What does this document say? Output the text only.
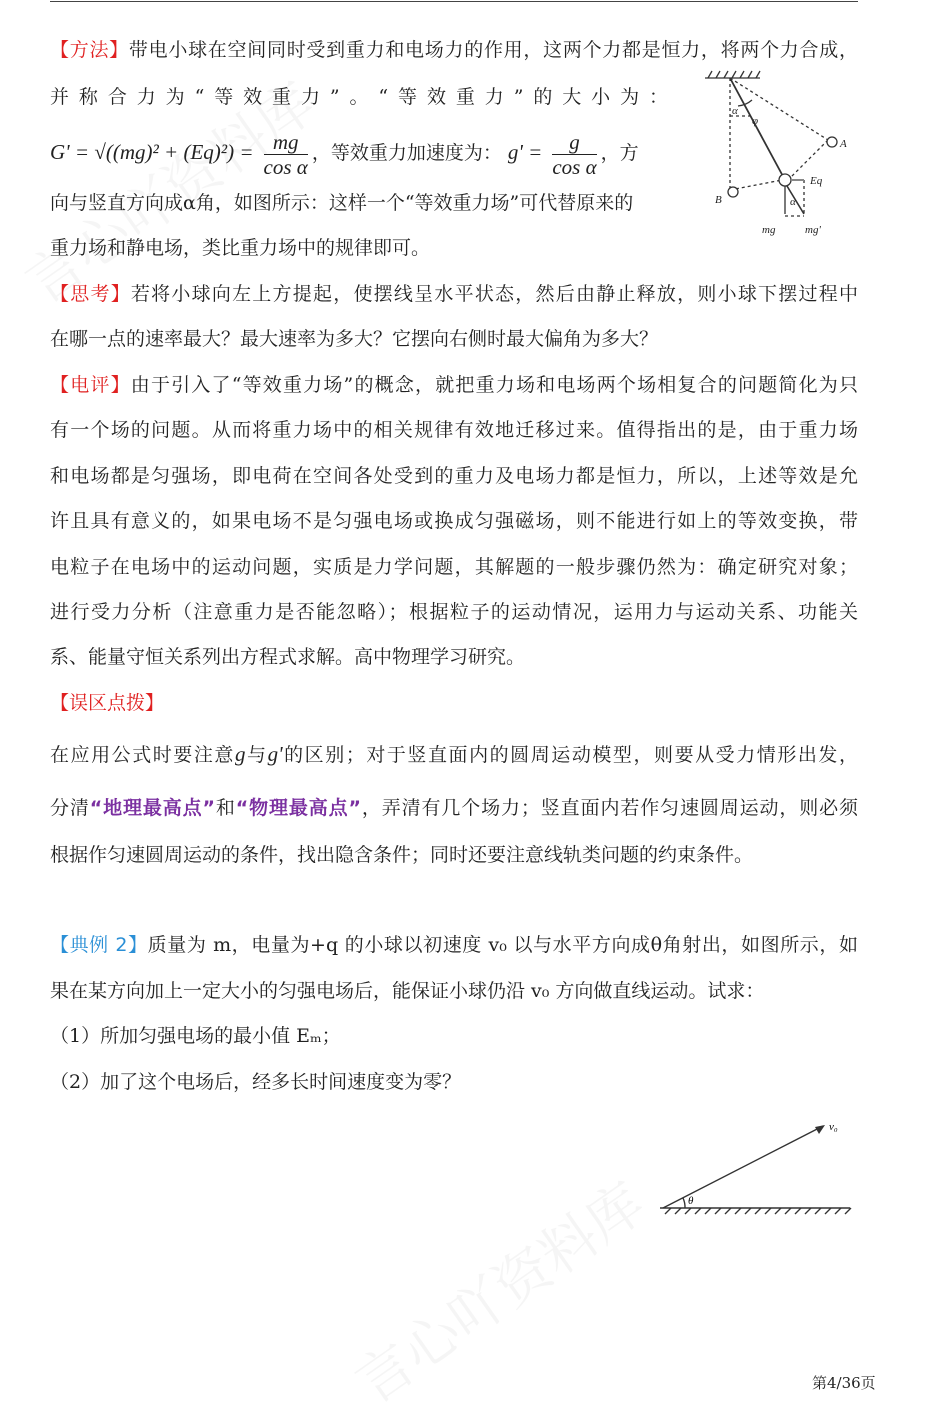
【方法】带电小球在空间同时受到重力和电场力的作用，这两个力都是恒力，将两个力合成，
并称合力为“等效重力”。“等效重力”的大小为：
$G' = √((mg)^2 + (Eq)^2) = \frac{mg}{\text{cos α}}$ ，等效重力加速度为： $g' = \frac{g}{\text{cos α}}$ ，方
向与竖直方向成α角，如图所示：这样一个“等效重力场”可代替原来的
重力场和静电场，类比重力场中的规律即可。
α
φ
A
B
Eq
α
mg	mg'
【思考】若将小球向左上方提起，使摆线呈水平状态，然后由静止释放，则小球下摆过程中
在哪一点的速率最大？最大速率为多大？它摆向右侧时最大偏角为多大？
【电评】由于引入了“等效重力场”的概念，就把重力场和电场两个场相复合的问题简化为只
有一个场的问题。从而将重力场中的相关规律有效地迁移过来。值得指出的是，由于重力场
和电场都是匀强场，即电荷在空间各处受到的重力及电场力都是恒力，所以，上述等效是允
许且具有意义的，如果电场不是匀强电场或换成匀强磁场，则不能进行如上的等效变换，带
电粒子在电场中的运动问题，实质是力学问题，其解题的一般步骤仍然为：确定研究对象；
进行受力分析（注意重力是否能忽略）；根据粒子的运动情况，运用力与运动关系、功能关
系、能量守恒关系列出方程式求解。高中物理学习研究。
【误区点拨】
在应用公式时要注意g与g'的区别；对于竖直面内的圆周运动模型，则要从受力情形出发，
分清“地理最高点”和“物理最高点”，弄清有几个场力；竖直面内若作匀速圆周运动，则必须
根据作匀速圆周运动的条件，找出隐含条件；同时还要注意线轨类问题的约束条件。
【典例 2】质量为 m，电量为+q 的小球以初速度 v₀ 以与水平方向成θ角射出，如图所示，如
果在某方向加上一定大小的匀强电场后，能保证小球仍沿 v₀ 方向做直线运动。试求：
（1）所加匀强电场的最小值 Eₘ；
（2）加了这个电场后，经多长时间速度变为零？
θ
v₀
第4/36页
